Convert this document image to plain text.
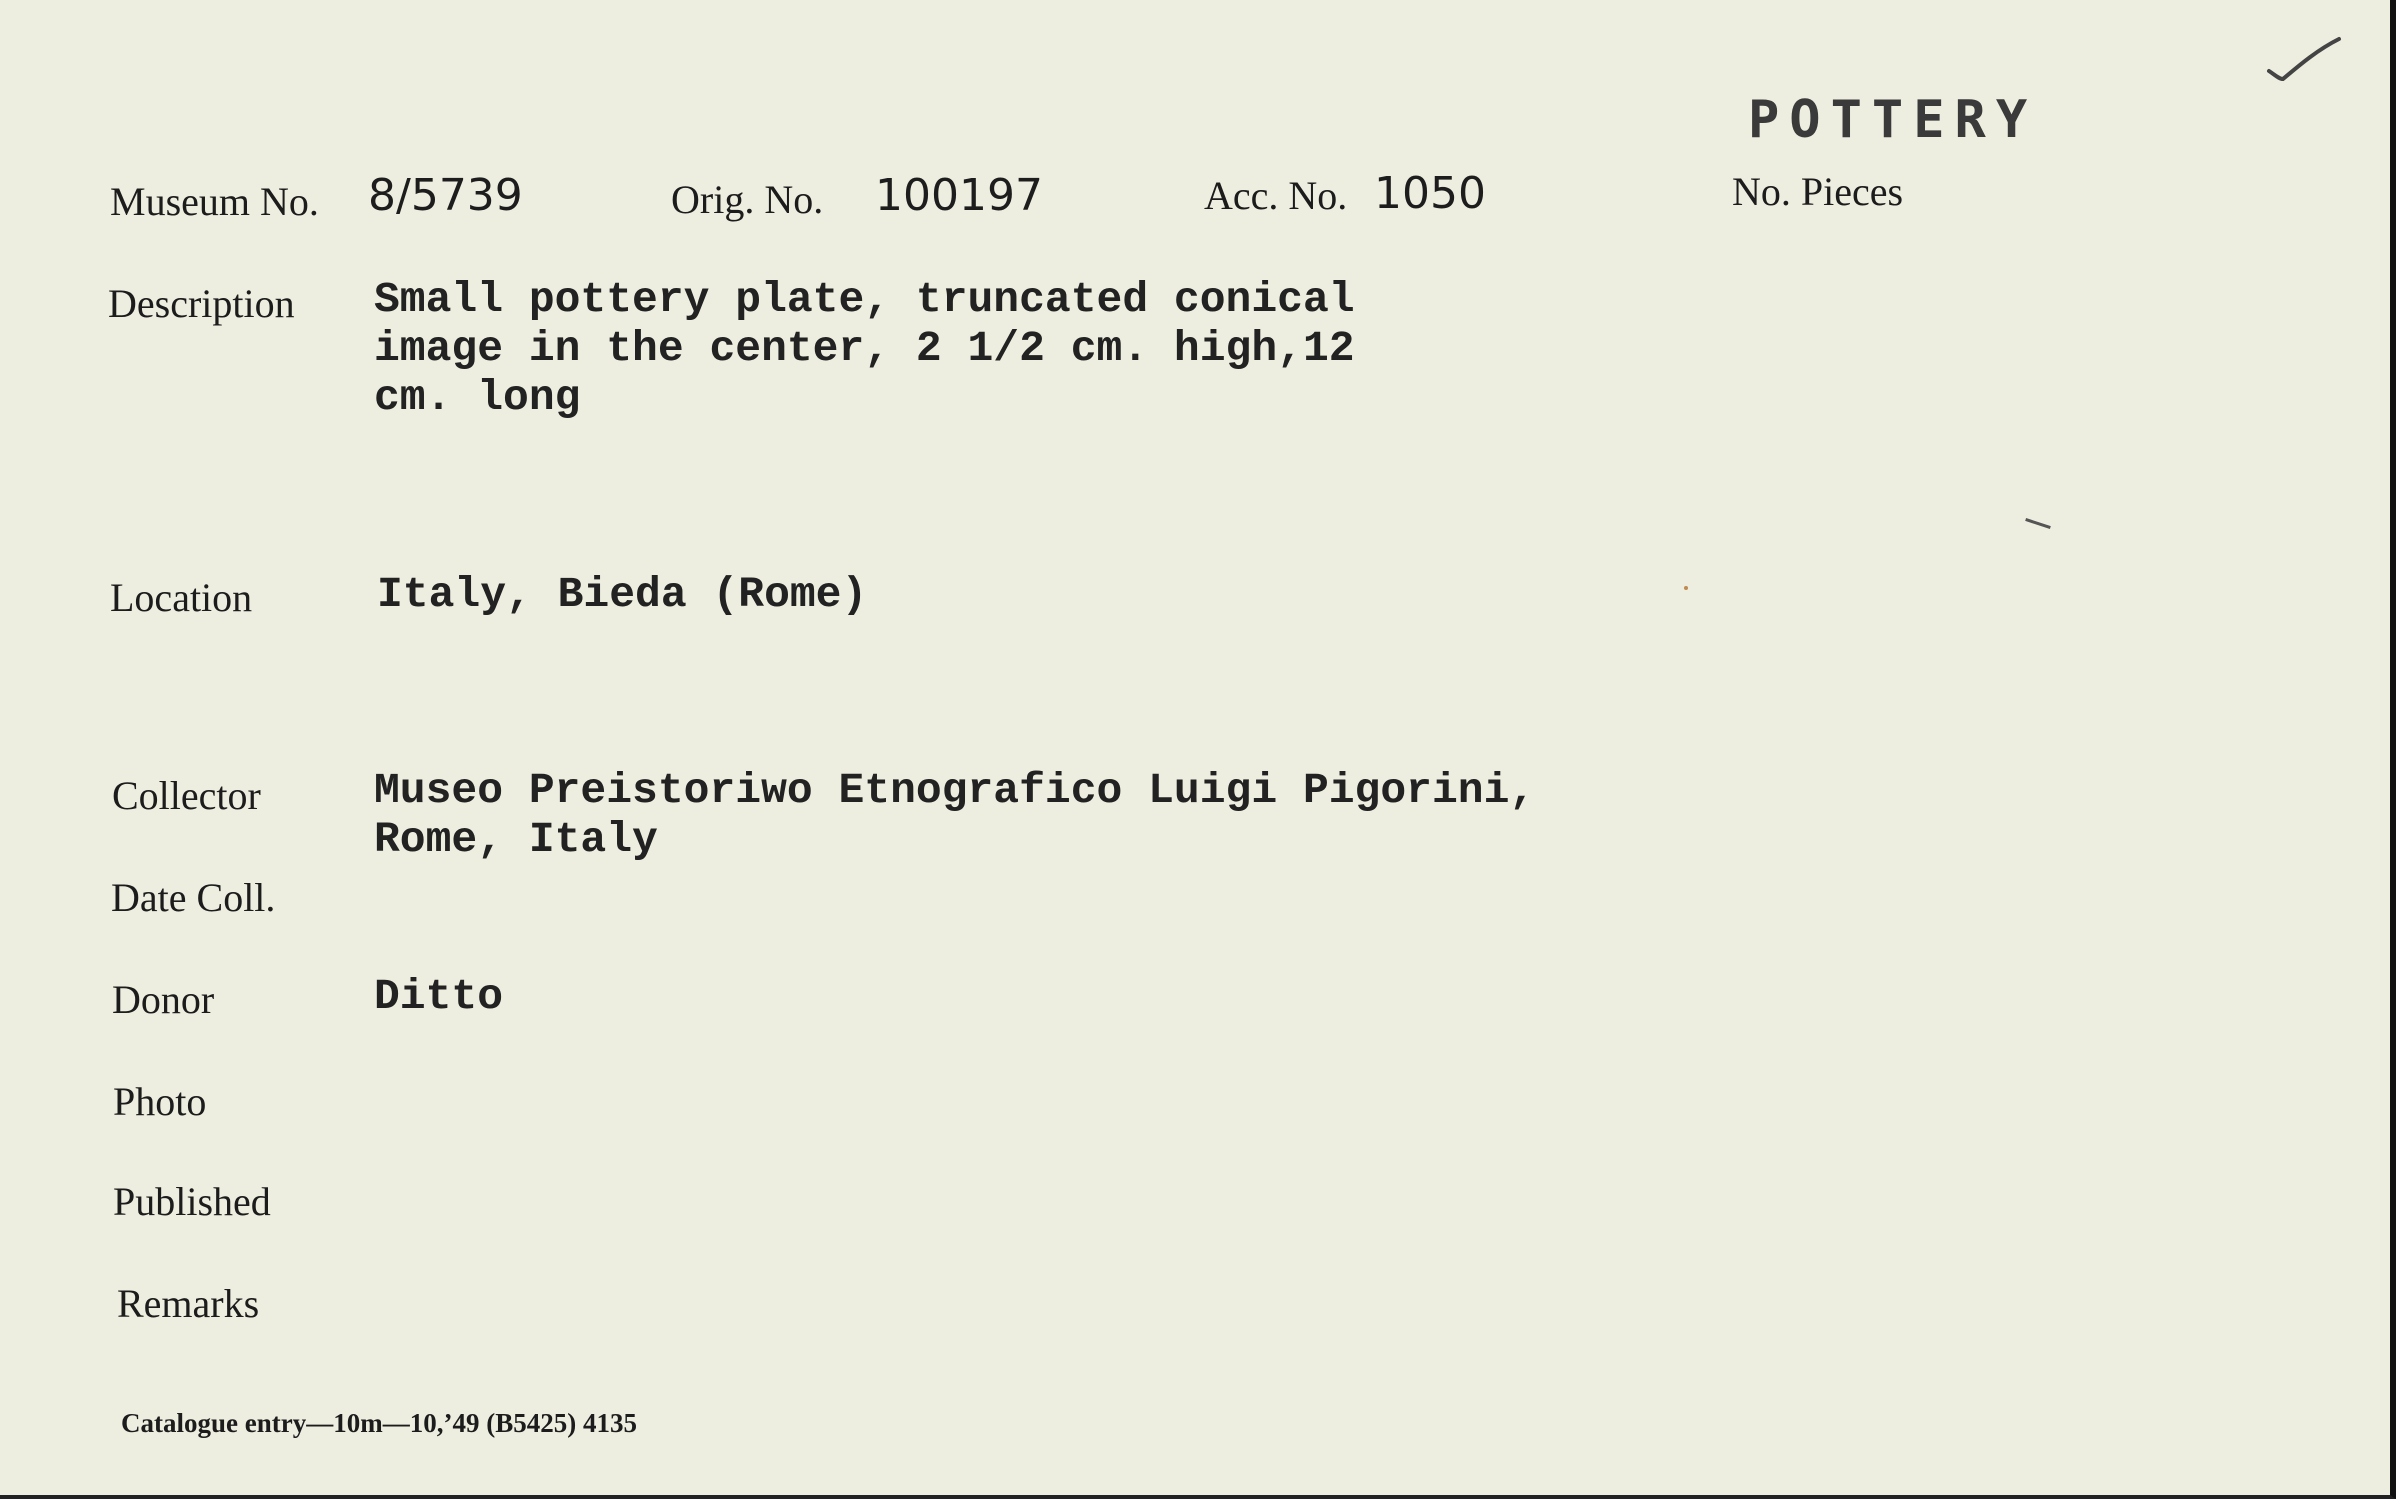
POTTERY
Museum No. 8/5739	Orig. No. 100197	Acc. No. 1050	No. Pieces
Description Small pottery plate, truncated conical
image in the center, 2 1/2 cm. high,12
cm. long
Location	Italy, Bieda (Rome)
Collector	Museo Preistoriwo Etnografico Luigi Pigorini,
Rome, Italy
Date Coll.
Donor	Ditto
Photo
Published
Remarks
Catalogue entry—10m—10,’49 (B5425) 4135
